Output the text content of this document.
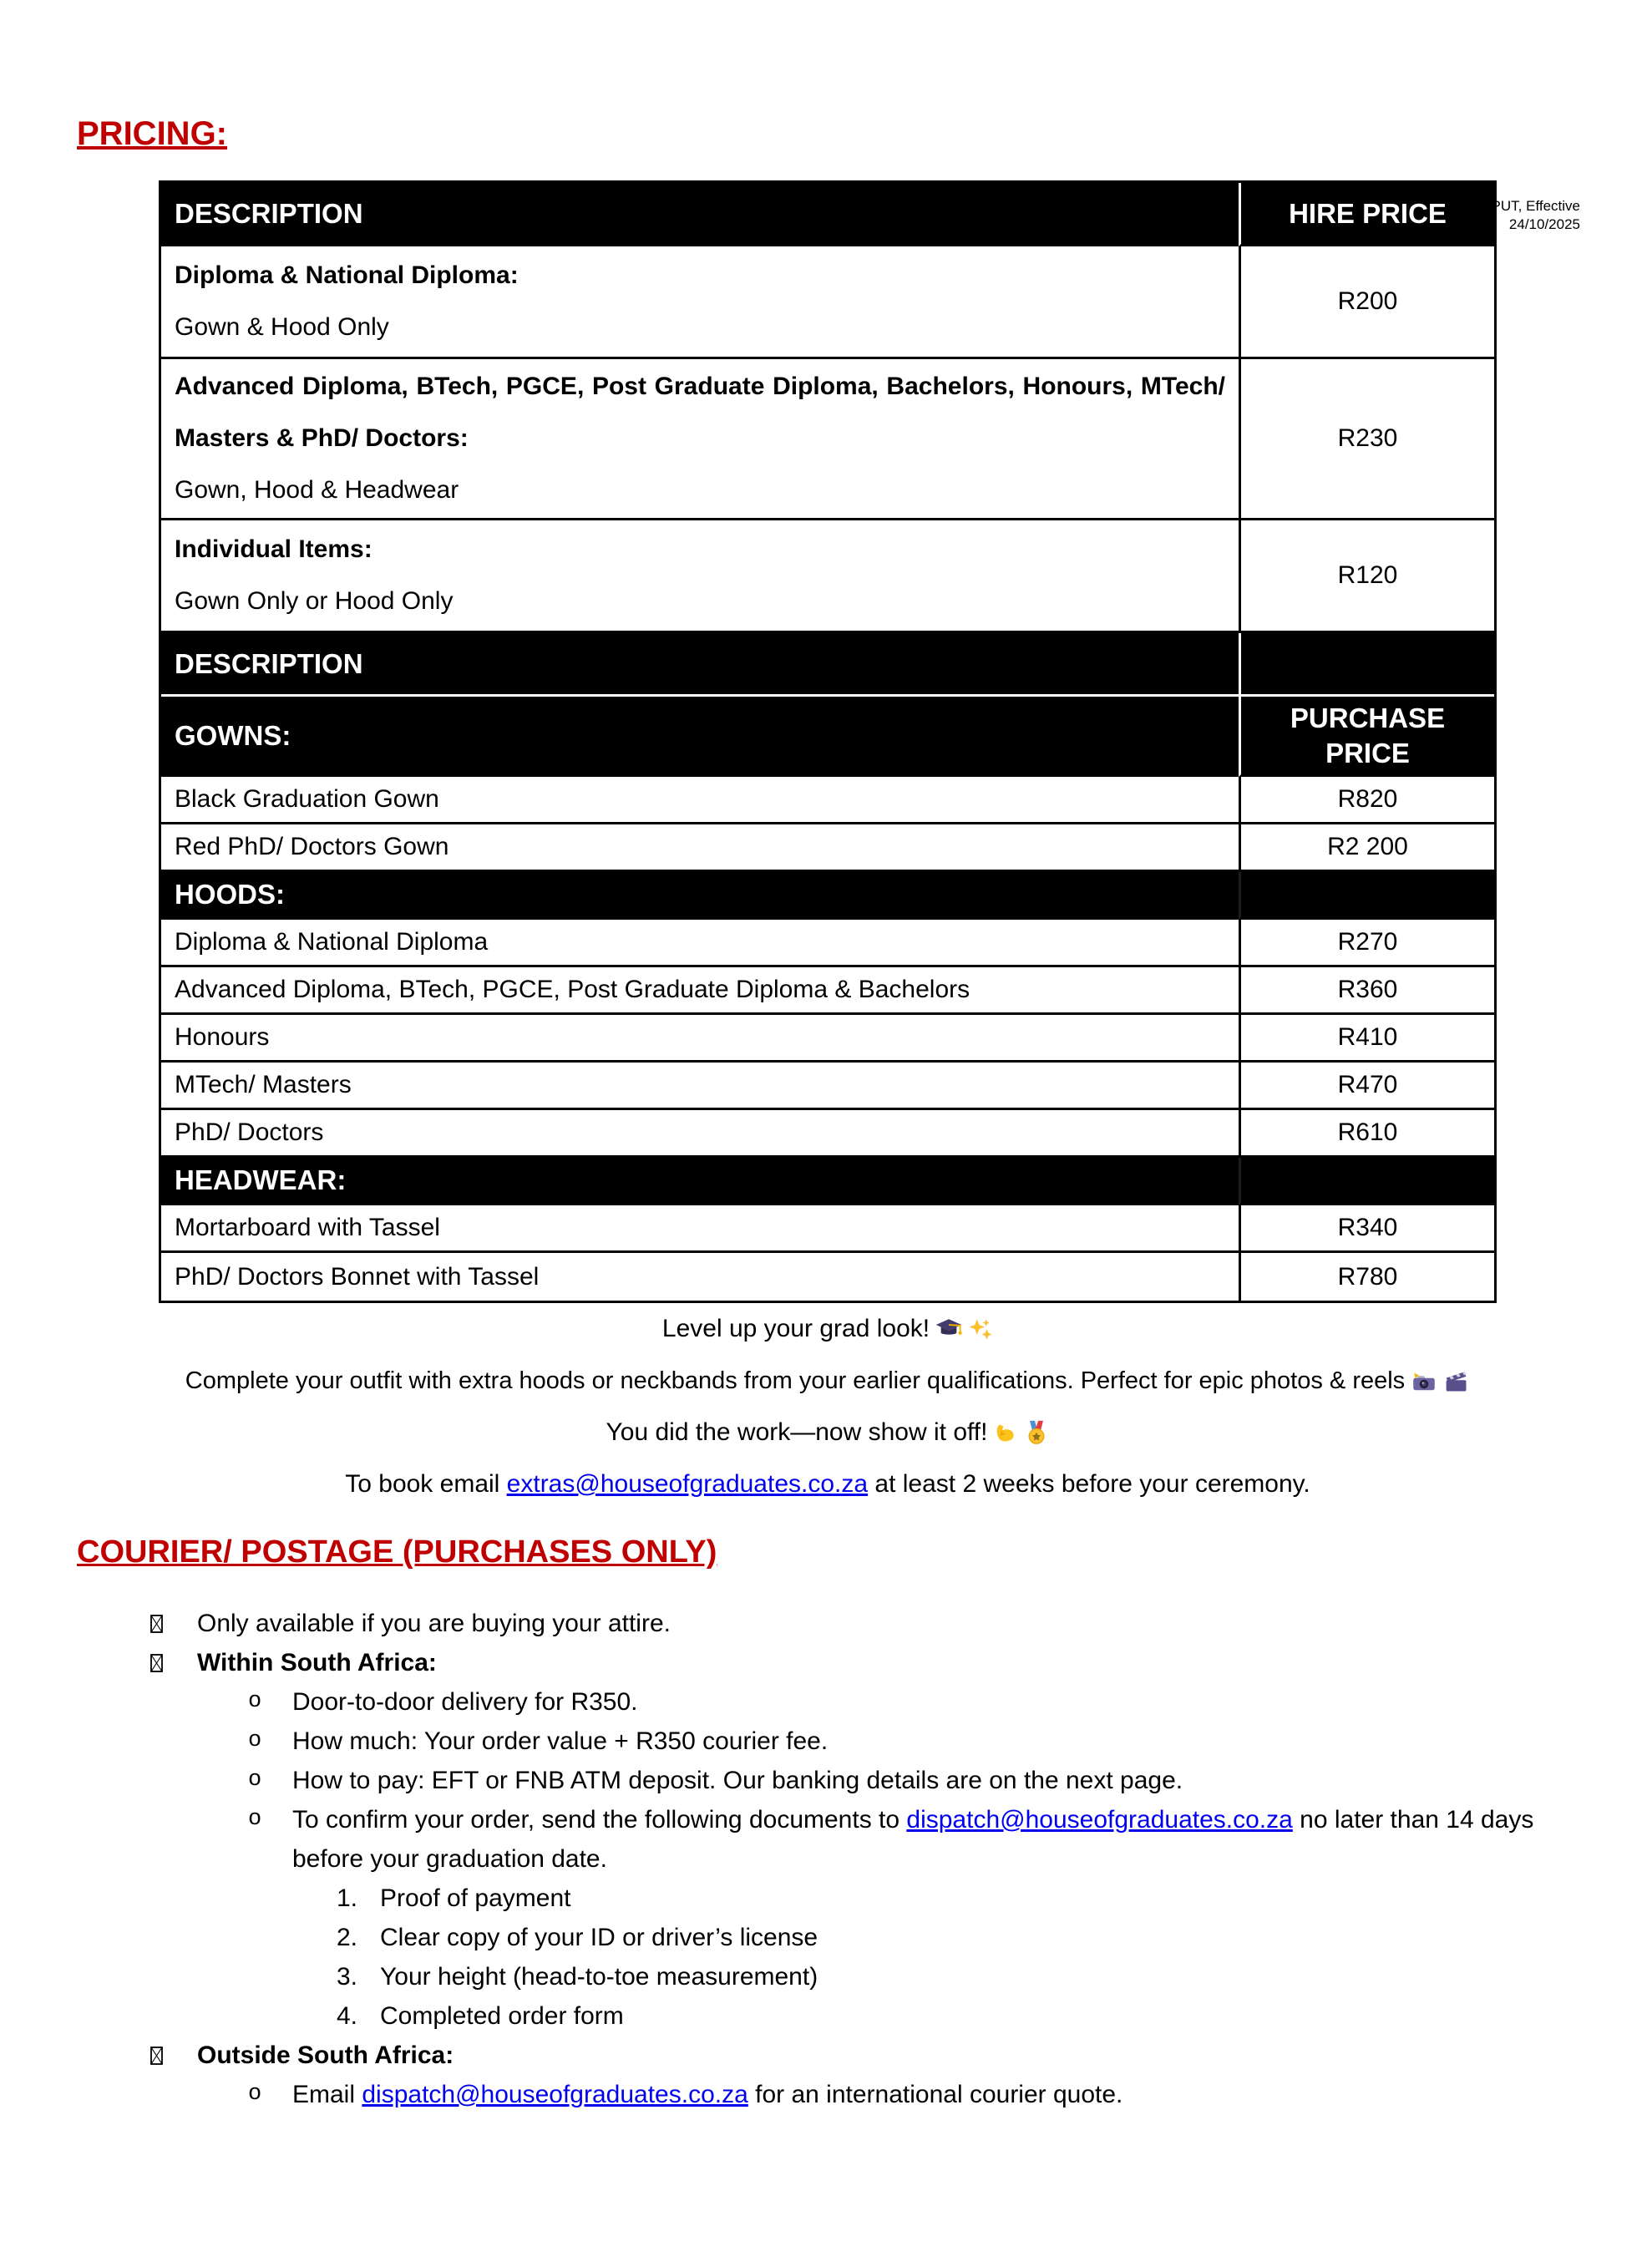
CPUT, Effective
24/10/2025
PRICING:
DESCRIPTION	HIRE PRICE

Diploma & National Diploma:

Gown & Hood Only	R200

Advanced Diploma, BTech, PGCE, Post Graduate Diploma, Bachelors, Honours, MTech/ Masters & PhD/ Doctors:

Gown, Hood & Headwear	R230

Individual Items:

Gown Only or Hood Only	R120
DESCRIPTION	
GOWNS:	PURCHASE PRICE
Black Graduation Gown	R820
Red PhD/ Doctors Gown	R2 200
HOODS:	
Diploma & National Diploma	R270
Advanced Diploma, BTech, PGCE, Post Graduate Diploma & Bachelors	R360
Honours	R410
MTech/ Masters	R470
PhD/ Doctors	R610
HEADWEAR:	
Mortarboard with Tassel	R340
PhD/ Doctors Bonnet with Tassel	R780

Level up your grad look!

Complete your outfit with extra hoods or neckbands from your earlier qualifications. Perfect for epic photos & reels

You did the work—now show it off!

To book email extras@houseofgraduates.co.za at least 2 weeks before your ceremony.

COURIER/ POSTAGE (PURCHASES ONLY)
Only available if you are buying your attire.
Within South Africa:
o	Door-to-door delivery for R350.
o	How much: Your order value + R350 courier fee.
o	How to pay: EFT or FNB ATM deposit. Our banking details are on the next page.
o	To confirm your order, send the following documents to dispatch@houseofgraduates.co.za no later than 14 days before your graduation date.
1. Proof of payment
2. Clear copy of your ID or driver’s license
3. Your height (head-to-toe measurement)
4. Completed order form
Outside South Africa:
o	Email dispatch@houseofgraduates.co.za for an international courier quote.
